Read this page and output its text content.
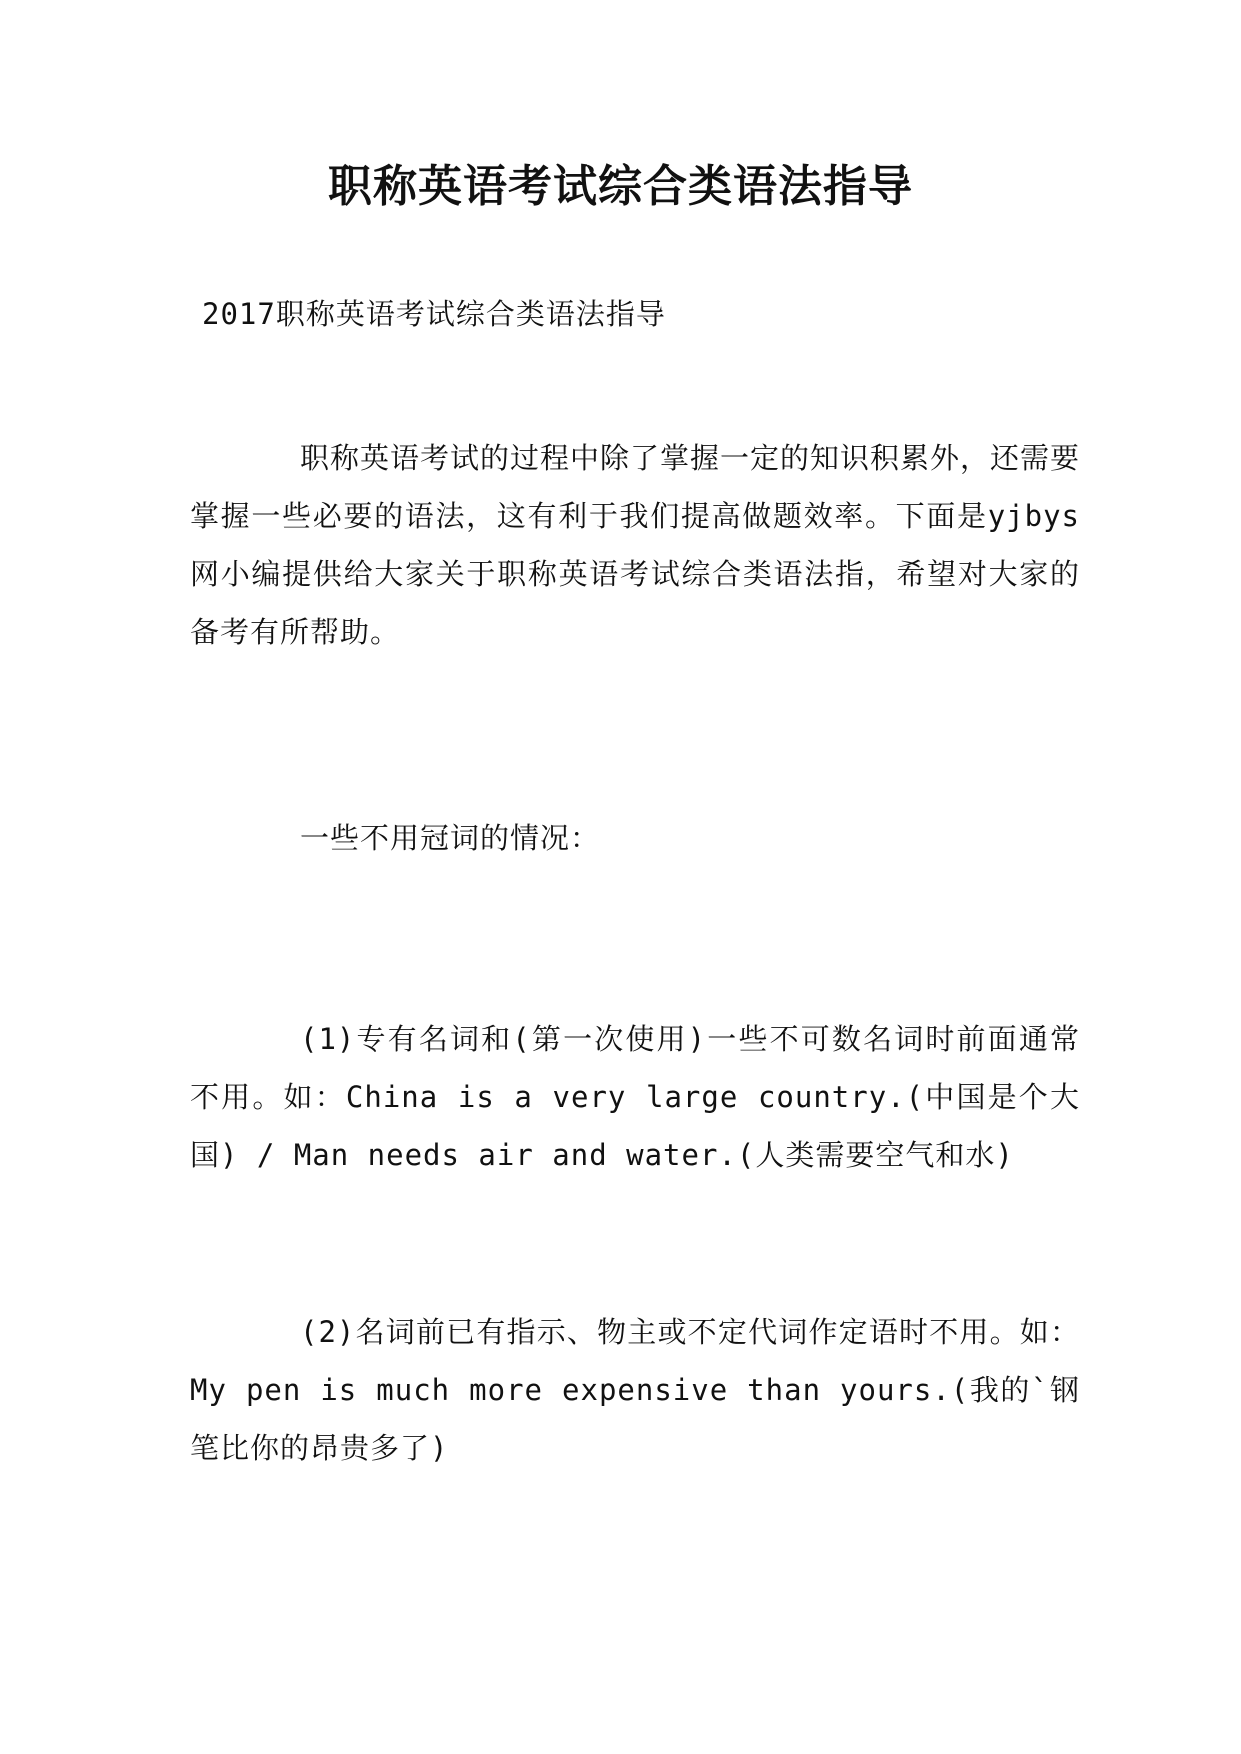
职称英语考试综合类语法指导
2017职称英语考试综合类语法指导

职称英语考试的过程中除了掌握一定的知识积累外，还需要掌握一些必要的语法，这有利于我们提高做题效率。下面是yjbys网小编提供给大家关于职称英语考试综合类语法指，希望对大家的备考有所帮助。

一些不用冠词的情况：

(1)专有名词和(第一次使用)一些不可数名词时前面通常不用。如：China is a very large country.(中国是个大国) / Man needs air and water.(人类需要空气和水)

(2)名词前已有指示、物主或不定代词作定语时不用。如：My pen is much more expensive than yours.(我的`钢笔比你的昂贵多了)
